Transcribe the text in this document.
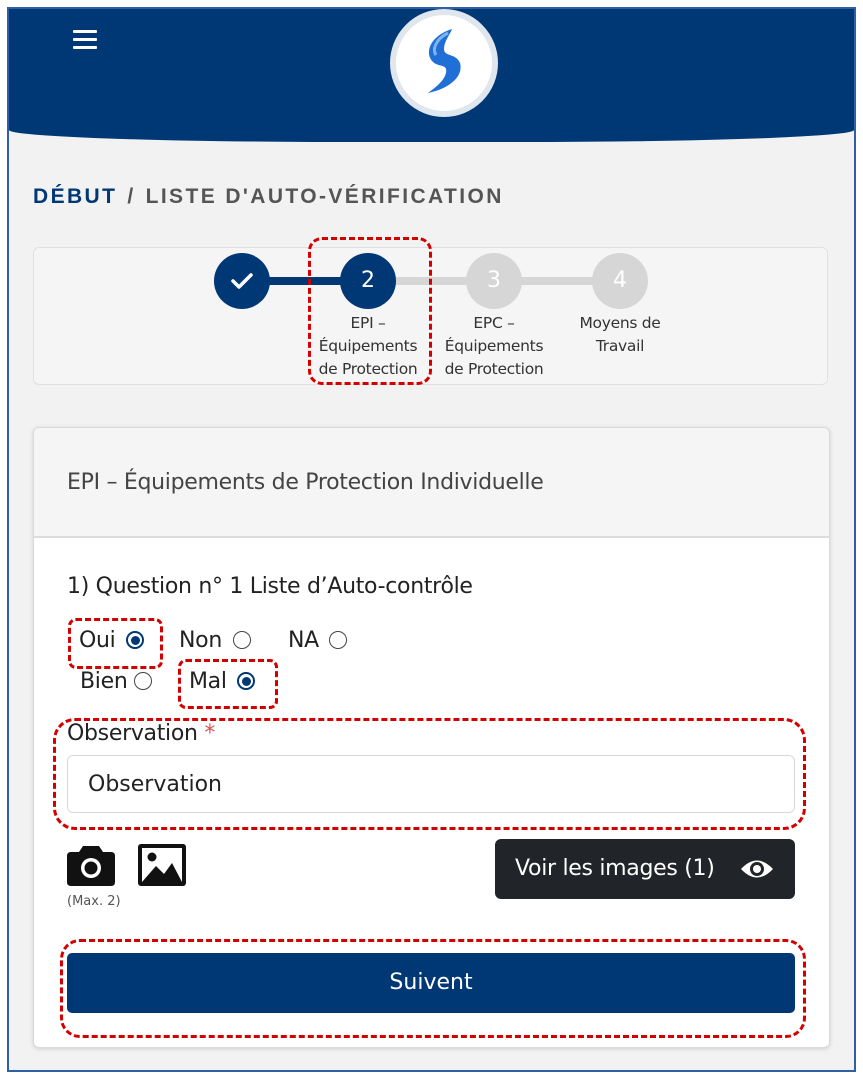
DÉBUT / LISTE D'AUTO-VÉRIFICATION
2
EPI –
Équipements
de Protection
3
EPC –
Équipements
de Protection
4
Moyens de
Travail
EPI – Équipements de Protection Individuelle
1) Question n° 1 Liste d’Auto-contrôle
Oui	Non	NA
Bien	Mal
Observation *
Observation
(Max. 2)
Voir les images (1)
Suivent
